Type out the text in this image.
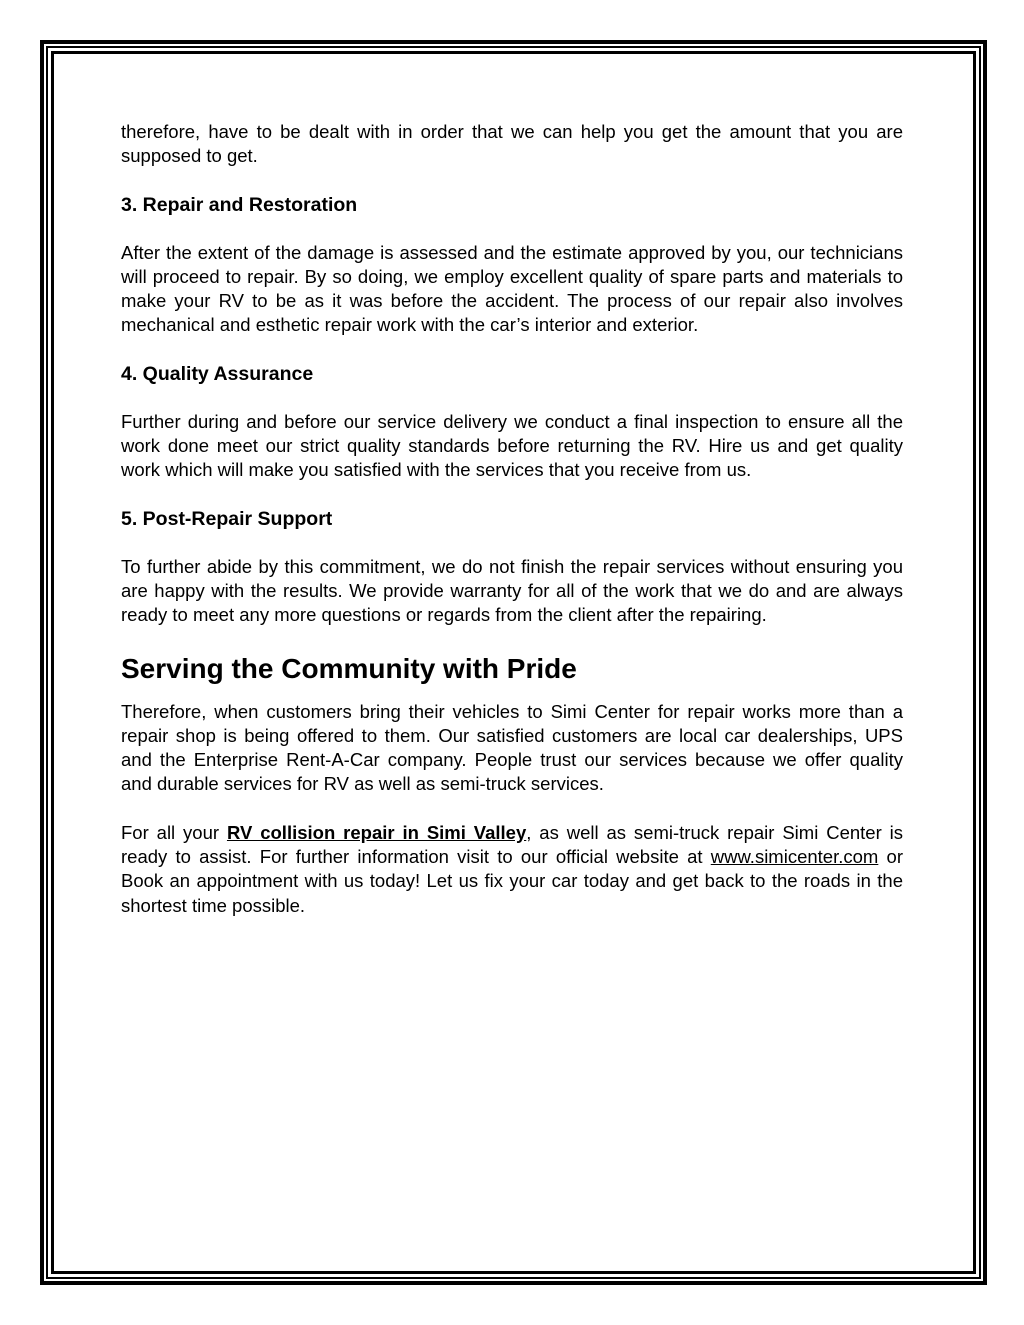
therefore, have to be dealt with in order that we can help you get the amount that you are supposed to get.

3. Repair and Restoration

After the extent of the damage is assessed and the estimate approved by you, our technicians will proceed to repair. By so doing, we employ excellent quality of spare parts and materials to make your RV to be as it was before the accident. The process of our repair also involves mechanical and esthetic repair work with the car’s interior and exterior.

4. Quality Assurance

Further during and before our service delivery we conduct a final inspection to ensure all the work done meet our strict quality standards before returning the RV. Hire us and get quality work which will make you satisfied with the services that you receive from us.

5. Post-Repair Support

To further abide by this commitment, we do not finish the repair services without ensuring you are happy with the results. We provide warranty for all of the work that we do and are always ready to meet any more questions or regards from the client after the repairing.

Serving the Community with Pride

Therefore, when customers bring their vehicles to Simi Center for repair works more than a repair shop is being offered to them. Our satisfied customers are local car dealerships, UPS and the Enterprise Rent-A-Car company. People trust our services because we offer quality and durable services for RV as well as semi-truck services.

For all your RV collision repair in Simi Valley, as well as semi-truck repair Simi Center is ready to assist. For further information visit to our official website at www.simicenter.com or Book an appointment with us today! Let us fix your car today and get back to the roads in the shortest time possible.
